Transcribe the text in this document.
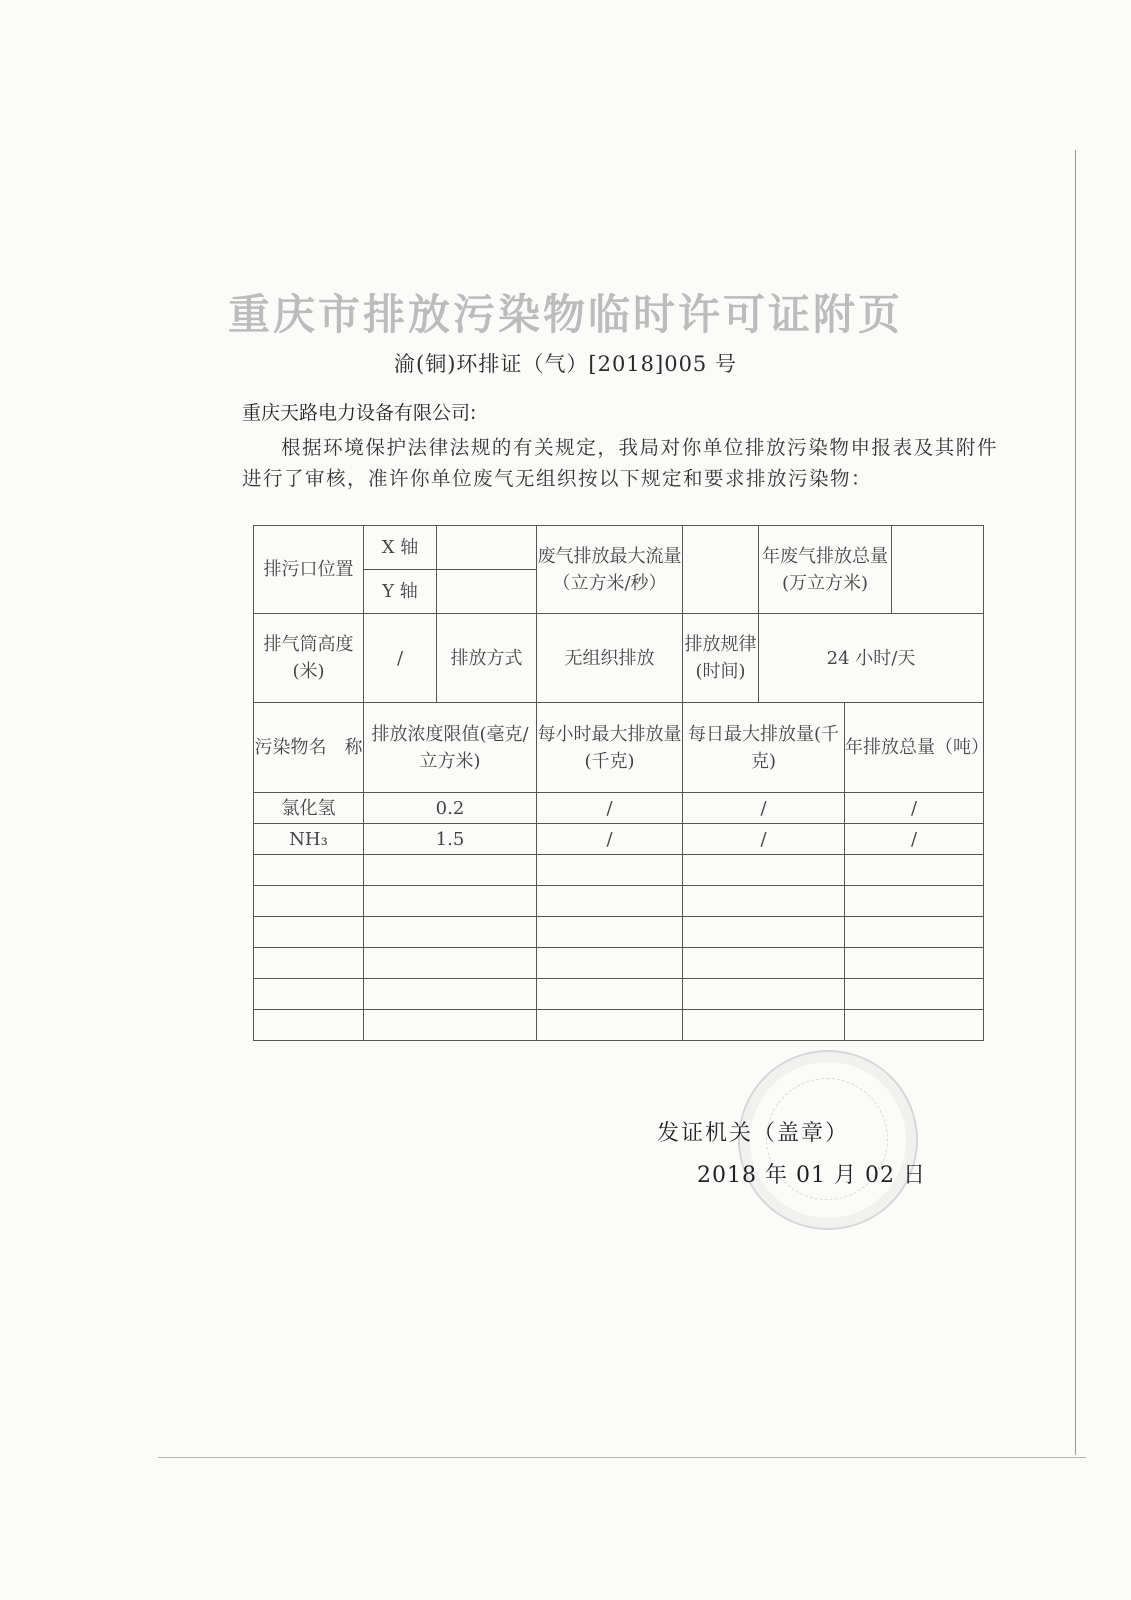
重庆市排放污染物临时许可证附页
渝(铜)环排证（气）[2018]005 号
重庆天路电力设备有限公司:
根据环境保护法律法规的有关规定，我局对你单位排放污染物申报表及其附件进行了审核，准许你单位废气无组织按以下规定和要求排放污染物：
排污口位置	X 轴		废气排放最大流量（立方米/秒）		年废气排放总量(万立方米)		
	Y 轴						
排气筒高度(米)	/	排放方式	无组织排放	排放规律(时间)	24 小时/天		
污染物名　称	排放浓度限值(毫克/立方米)		每小时最大排放量(千克)	每日最大排放量(千克)		年排放总量（吨）	
氯化氢	0.2		/	/		/	
NH₃	1.5		/	/		/	

发证机关（盖章）
2018 年 01 月 02 日
